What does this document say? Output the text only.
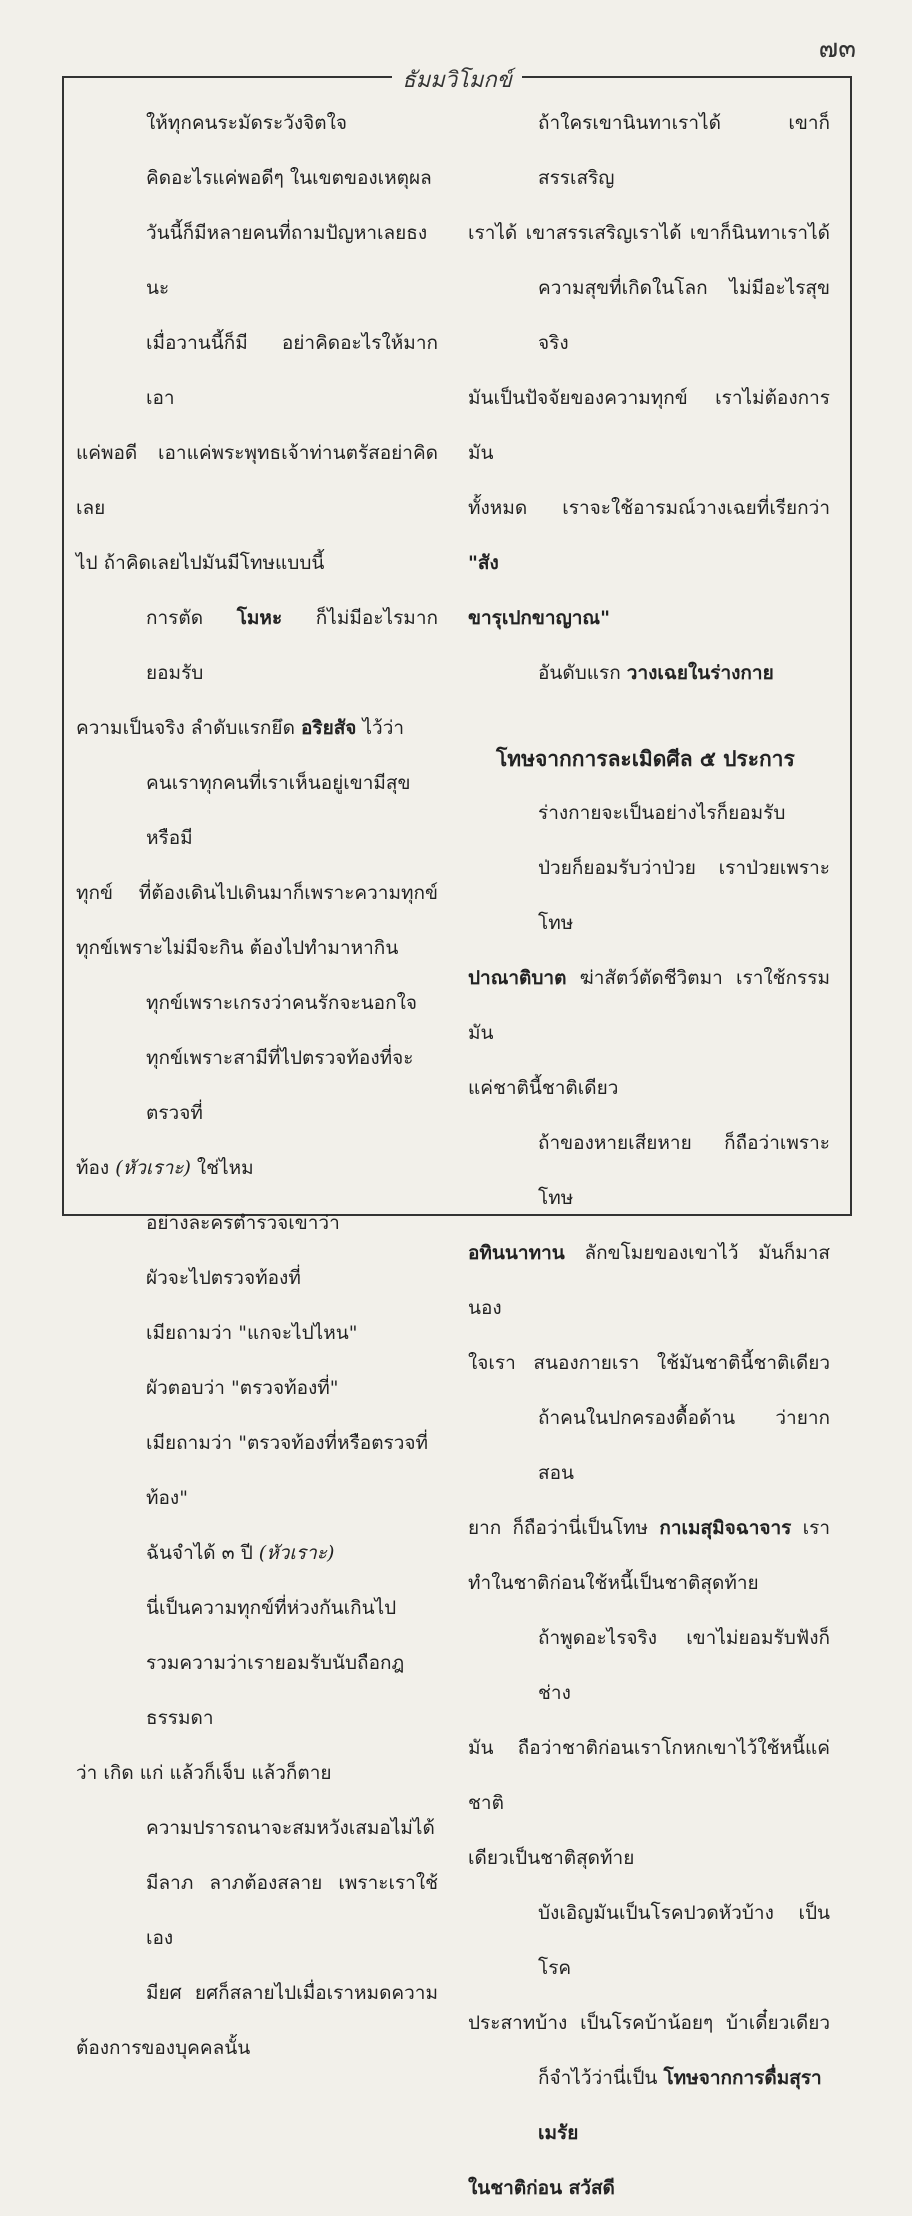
๗๓
ธัมมวิโมกข์

ให้ทุกคนระมัดระวังจิตใจ

คิดอะไรแค่พอดีๆ ในเขตของเหตุผล

วันนี้ก็มีหลายคนที่ถามปัญหาเลยธงนะ

เมื่อวานนี้ก็มี อย่าคิดอะไรให้มาก เอา

แค่พอดี เอาแค่พระพุทธเจ้าท่านตรัสอย่าคิดเลย

ไป ถ้าคิดเลยไปมันมีโทษแบบนี้

การตัด โมหะ ก็ไม่มีอะไรมาก ยอมรับ

ความเป็นจริง ลำดับแรกยึด อริยสัจ ไว้ว่า

คนเราทุกคนที่เราเห็นอยู่เขามีสุขหรือมี

ทุกข์ ที่ต้องเดินไปเดินมาก็เพราะความทุกข์

ทุกข์เพราะไม่มีจะกิน ต้องไปทำมาหากิน

ทุกข์เพราะเกรงว่าคนรักจะนอกใจ

ทุกข์เพราะสามีที่ไปตรวจท้องที่จะตรวจที่

ท้อง (หัวเราะ) ใช่ไหม

อย่างละครตำรวจเขาว่า

ผัวจะไปตรวจท้องที่

เมียถามว่า "แกจะไปไหน"

ผัวตอบว่า "ตรวจท้องที่"

เมียถามว่า "ตรวจท้องที่หรือตรวจที่ท้อง"

ฉันจำได้ ๓ ปี (หัวเราะ)

นี่เป็นความทุกข์ที่ห่วงกันเกินไป

รวมความว่าเรายอมรับนับถือกฎธรรมดา

ว่า เกิด แก่ แล้วก็เจ็บ แล้วก็ตาย

ความปรารถนาจะสมหวังเสมอไม่ได้

มีลาภ ลาภต้องสลาย เพราะเราใช้เอง

มียศ ยศก็สลายไปเมื่อเราหมดความ

ต้องการของบุคคลนั้น

ถ้าใครเขานินทาเราได้ เขาก็สรรเสริญ

เราได้ เขาสรรเสริญเราได้ เขาก็นินทาเราได้

ความสุขที่เกิดในโลก ไม่มีอะไรสุขจริง

มันเป็นปัจจัยของความทุกข์ เราไม่ต้องการมัน

ทั้งหมด เราจะใช้อารมณ์วางเฉยที่เรียกว่า "สัง

ขารุเปกขาญาณ"

อันดับแรก วางเฉยในร่างกาย

โทษจากการละเมิดศีล ๕ ประการ

ร่างกายจะเป็นอย่างไรก็ยอมรับ

ป่วยก็ยอมรับว่าป่วย เราป่วยเพราะโทษ

ปาณาติบาต ฆ่าสัตว์ตัดชีวิตมา เราใช้กรรมมัน

แค่ชาตินี้ชาติเดียว

ถ้าของหายเสียหาย ก็ถือว่าเพราะโทษ

อทินนาทาน ลักขโมยของเขาไว้ มันก็มาสนอง

ใจเรา สนองกายเรา ใช้มันชาตินี้ชาติเดียว

ถ้าคนในปกครองดื้อด้าน ว่ายากสอน

ยาก ก็ถือว่านี่เป็นโทษ กาเมสุมิจฉาจาร เรา

ทำในชาติก่อนใช้หนี้เป็นชาติสุดท้าย

ถ้าพูดอะไรจริง เขาไม่ยอมรับฟังก็ช่าง

มัน ถือว่าชาติก่อนเราโกหกเขาไว้ใช้หนี้แค่ชาติ

เดียวเป็นชาติสุดท้าย

บังเอิญมันเป็นโรคปวดหัวบ้าง เป็นโรค

ประสาทบ้าง เป็นโรคบ้าน้อยๆ บ้าเดี๋ยวเดียว

ก็จำไว้ว่านี่เป็น โทษจากการดื่มสุราเมรัย

ในชาติก่อน สวัสดี
